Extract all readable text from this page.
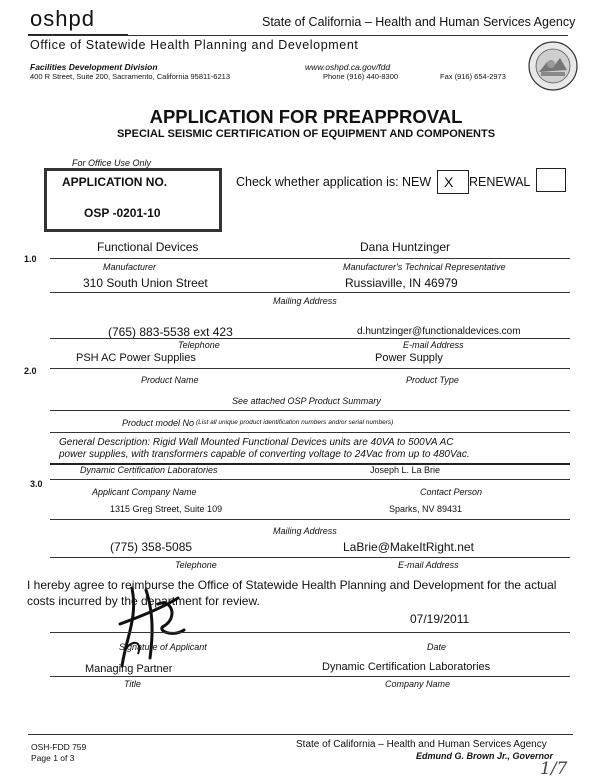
oshpd	State of California – Health and Human Services Agency
Office of Statewide Health Planning and Development
Facilities Development Division	www.oshpd.ca.gov/fdd
400 R Street, Suite 200, Sacramento, California 95811-6213	Phone (916) 440-8300	Fax (916) 654-2973
APPLICATION FOR PREAPPROVAL
SPECIAL SEISMIC CERTIFICATION OF EQUIPMENT AND COMPONENTS
For Office Use Only
APPLICATION NO.
OSP -0201-10
Check whether application is: NEW X RENEWAL
1.0
Functional Devices	Dana Huntzinger
Manufacturer	Manufacturer's Technical Representative
310 South Union Street	Russiaville, IN 46979
Mailing Address
(765) 883-5538 ext 423	d.huntzinger@functionaldevices.com
Telephone	E-mail Address
2.0
PSH AC Power Supplies	Power Supply
Product Name	Product Type
See attached OSP Product Summary
Product model No (List all unique product identification numbers and/or serial numbers)
General Description: Rigid Wall Mounted Functional Devices units are 40VA to 500VA AC
power supplies, with transformers capable of converting voltage to 24Vac from up to 480Vac.
3.0
Dynamic Certification Laboratories	Joseph L. La Brie
Applicant Company Name	Contact Person
1315 Greg Street, Suite 109	Sparks, NV 89431
Mailing Address
(775) 358-5085	LaBrie@MakeItRight.net
Telephone	E-mail Address
I hereby agree to reimburse the Office of Statewide Health Planning and Development for the actual
costs incurred by the department for review.
07/19/2011
Signature of Applicant	Date
Managing Partner	Dynamic Certification Laboratories
Title	Company Name
OSH-FDD 759
Page 1 of 3
State of California – Health and Human Services Agency
Edmund G. Brown Jr., Governor
1/7
